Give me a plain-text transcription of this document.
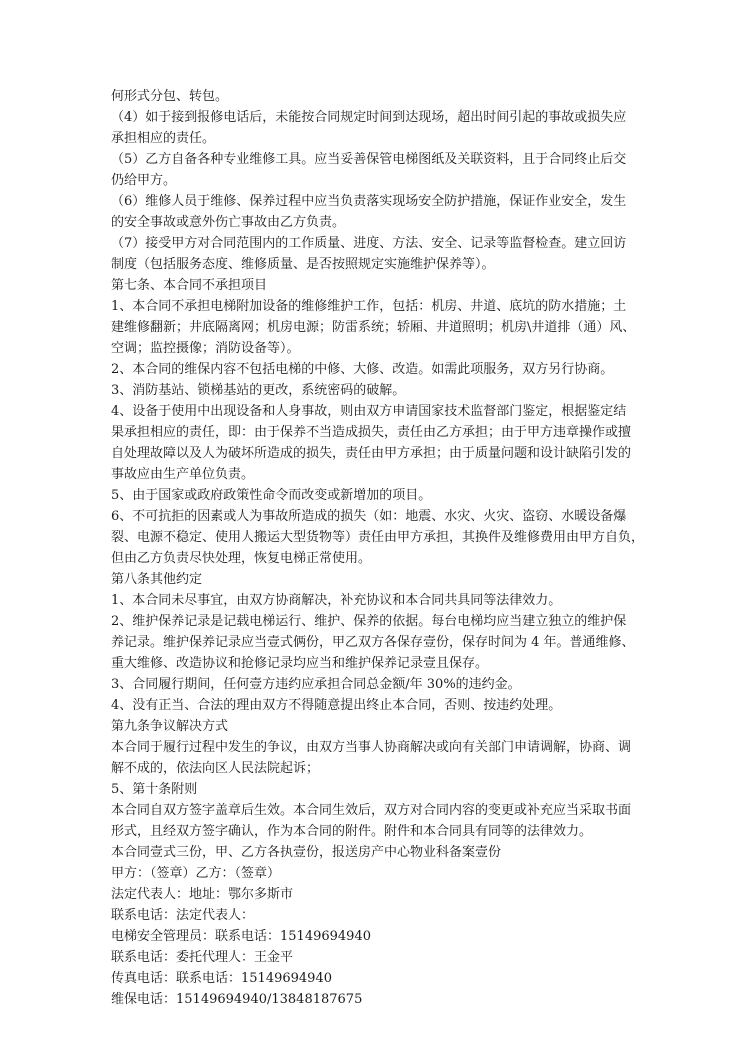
何形式分包、转包。
（4）如于接到报修电话后，未能按合同规定时间到达现场，超出时间引起的事故或损失应
承担相应的责任。
（5）乙方自备各种专业维修工具。应当妥善保管电梯图纸及关联资料，且于合同终止后交
仍给甲方。
（6）维修人员于维修、保养过程中应当负责落实现场安全防护措施，保证作业安全，发生
的安全事故或意外伤亡事故由乙方负责。
（7）接受甲方对合同范围内的工作质量、进度、方法、安全、记录等监督检查。建立回访
制度（包括服务态度、维修质量、是否按照规定实施维护保养等）。
第七条、本合同不承担项目
1、本合同不承担电梯附加设备的维修维护工作，包括：机房、井道、底坑的防水措施；土
建维修翻新；井底隔离网；机房电源；防雷系统；轿厢、井道照明；机房\井道排（通）风、
空调；监控摄像；消防设备等）。
2、本合同的维保内容不包括电梯的中修、大修、改造。如需此项服务，双方另行协商。
3、消防基站、锁梯基站的更改，系统密码的破解。
4、设备于使用中出现设备和人身事故，则由双方申请国家技术监督部门鉴定，根据鉴定结
果承担相应的责任，即：由于保养不当造成损失，责任由乙方承担；由于甲方违章操作或擅
自处理故障以及人为破坏所造成的损失，责任由甲方承担；由于质量问题和设计缺陷引发的
事故应由生产单位负责。
5、由于国家或政府政策性命令而改变或新增加的项目。
6、不可抗拒的因素或人为事故所造成的损失（如：地震、水灾、火灾、盗窃、水暖设备爆
裂、电源不稳定、使用人搬运大型货物等）责任由甲方承担，其换件及维修费用由甲方自负，
但由乙方负责尽快处理，恢复电梯正常使用。
第八条其他约定
1、本合同未尽事宜，由双方协商解决，补充协议和本合同共具同等法律效力。
2、维护保养记录是记载电梯运行、维护、保养的依据。每台电梯均应当建立独立的维护保
养记录。维护保养记录应当壹式俩份，甲乙双方各保存壹份，保存时间为 4 年。普通维修、
重大维修、改造协议和抢修记录均应当和维护保养记录壹且保存。
3、合同履行期间，任何壹方违约应承担合同总金额/年 30%的违约金。
4、没有正当、合法的理由双方不得随意提出终止本合同，否则、按违约处理。
第九条争议解决方式
本合同于履行过程中发生的争议，由双方当事人协商解决或向有关部门申请调解，协商、调
解不成的，依法向区人民法院起诉；
5、第十条附则
本合同自双方签字盖章后生效。本合同生效后，双方对合同内容的变更或补充应当采取书面
形式，且经双方签字确认，作为本合同的附件。附件和本合同具有同等的法律效力。
本合同壹式三份，甲、乙方各执壹份，报送房产中心物业科备案壹份
甲方：（签章）乙方：（签章）
法定代表人：地址：鄂尔多斯市
联系电话：法定代表人：
电梯安全管理员：联系电话：15149694940
联系电话：委托代理人：王金平
传真电话：联系电话：15149694940
维保电话：15149694940/13848187675
